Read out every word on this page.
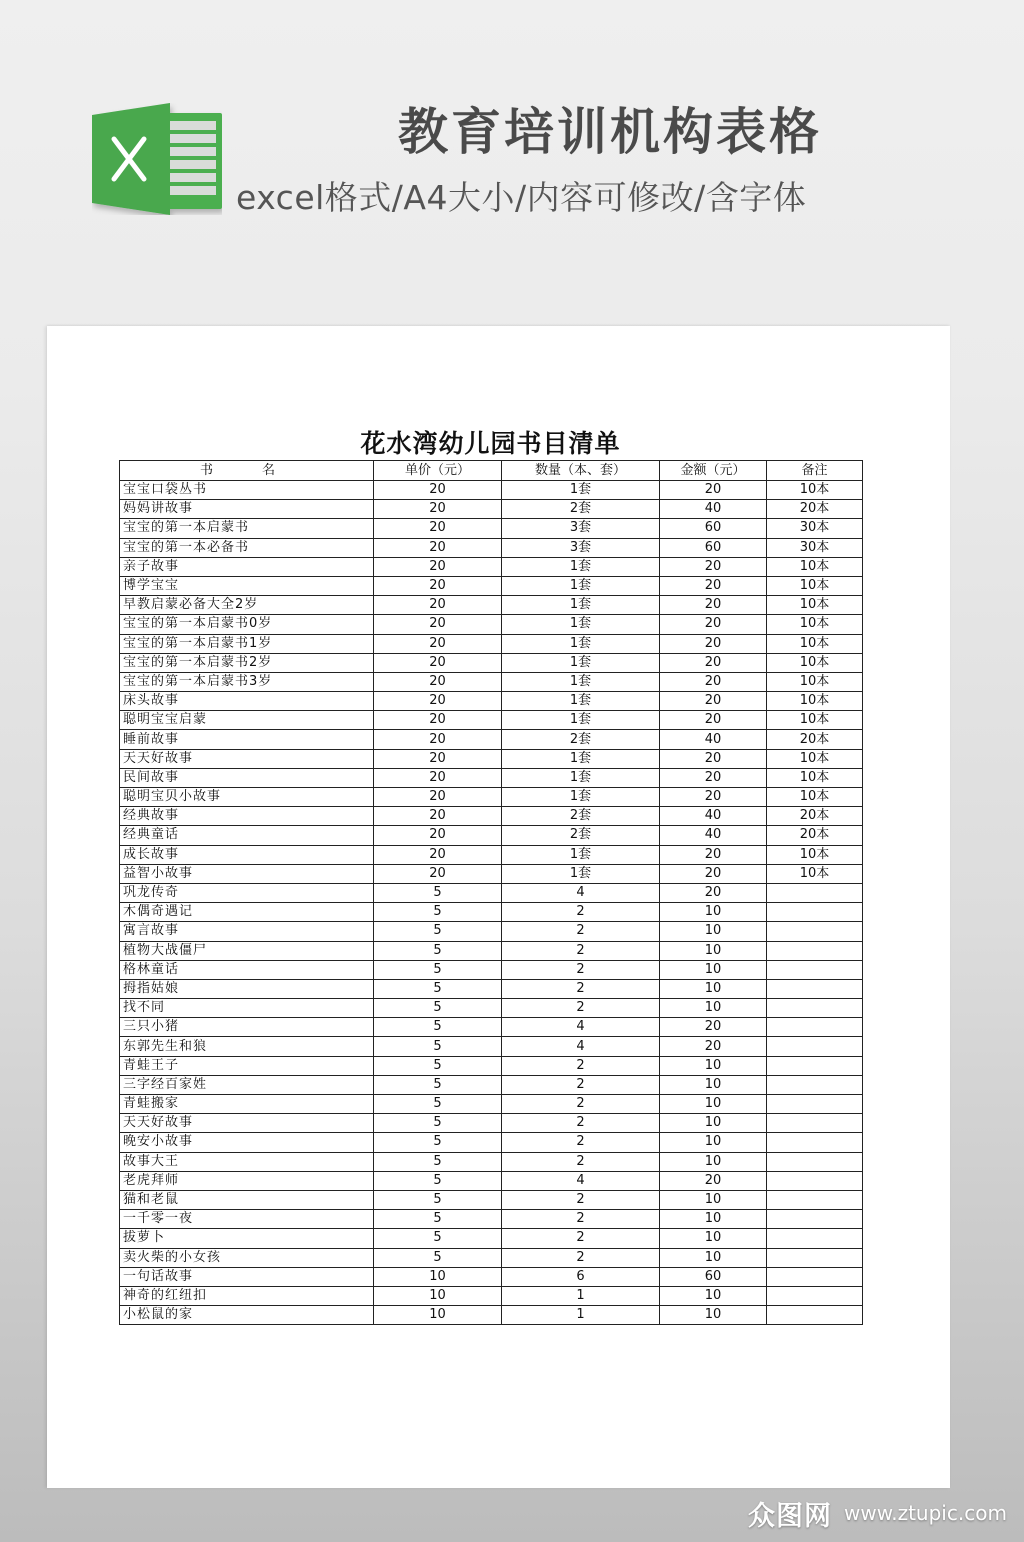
教育培训机构表格
excel格式/A4大小/内容可修改/含字体
花水湾幼儿园书目清单
书　名	单价（元）	数量（本、套）	金额（元）	备注
宝宝口袋丛书	20	1套	20	10本
妈妈讲故事	20	2套	40	20本
宝宝的第一本启蒙书	20	3套	60	30本
宝宝的第一本必备书	20	3套	60	30本
亲子故事	20	1套	20	10本
博学宝宝	20	1套	20	10本
早教启蒙必备大全2岁	20	1套	20	10本
宝宝的第一本启蒙书0岁	20	1套	20	10本
宝宝的第一本启蒙书1岁	20	1套	20	10本
宝宝的第一本启蒙书2岁	20	1套	20	10本
宝宝的第一本启蒙书3岁	20	1套	20	10本
床头故事	20	1套	20	10本
聪明宝宝启蒙	20	1套	20	10本
睡前故事	20	2套	40	20本
天天好故事	20	1套	20	10本
民间故事	20	1套	20	10本
聪明宝贝小故事	20	1套	20	10本
经典故事	20	2套	40	20本
经典童话	20	2套	40	20本
成长故事	20	1套	20	10本
益智小故事	20	1套	20	10本
巩龙传奇	5	4	20	
木偶奇遇记	5	2	10	
寓言故事	5	2	10	
植物大战僵尸	5	2	10	
格林童话	5	2	10	
拇指姑娘	5	2	10	
找不同	5	2	10	
三只小猪	5	4	20	
东郭先生和狼	5	4	20	
青蛙王子	5	2	10	
三字经百家姓	5	2	10	
青蛙搬家	5	2	10	
天天好故事	5	2	10	
晚安小故事	5	2	10	
故事大王	5	2	10	
老虎拜师	5	4	20	
猫和老鼠	5	2	10	
一千零一夜	5	2	10	
拔萝卜	5	2	10	
卖火柴的小女孩	5	2	10	
一句话故事	10	6	60	
神奇的红纽扣	10	1	10	
小松鼠的家	10	1	10	
众图网 www.ztupic.com
